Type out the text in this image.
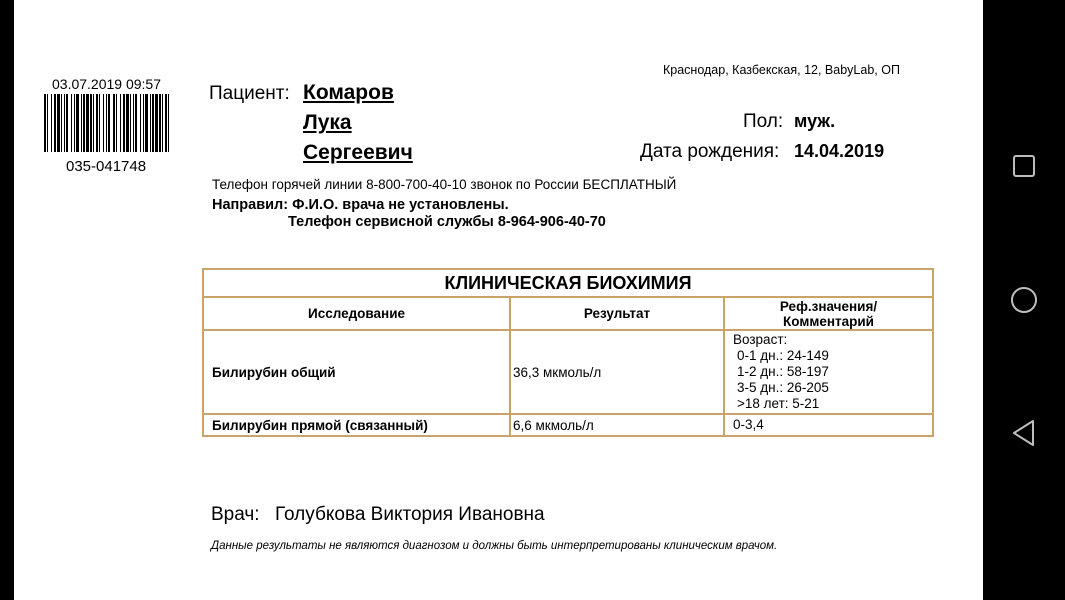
03.07.2019 09:57
035-041748
Краснодар, Казбекская, 12, BabyLab, ОП
Пациент: Комаров
Лука
Сергеевич
Пол: муж.
Дата рождения: 14.04.2019
Телефон горячей линии 8-800-700-40-10 звонок по России БЕСПЛАТНЫЙ
Направил: Ф.И.О. врача не установлены.
Телефон сервисной службы 8-964-906-40-70
КЛИНИЧЕСКАЯ БИОХИМИЯ		
Исследование	Результат	Реф.значения/ Комментарий
Билирубин общий	36,3 мкмоль/л	Возраст:
0-1 дн.: 24-149
1-2 дн.: 58-197
3-5 дн.: 26-205
>18 лет: 5-21

Билирубин прямой (связанный)	6,6 мкмоль/л	0-3,4
Врач: Голубкова Виктория Ивановна
Данные результаты не являются диагнозом и должны быть интерпретированы клиническим врачом.
